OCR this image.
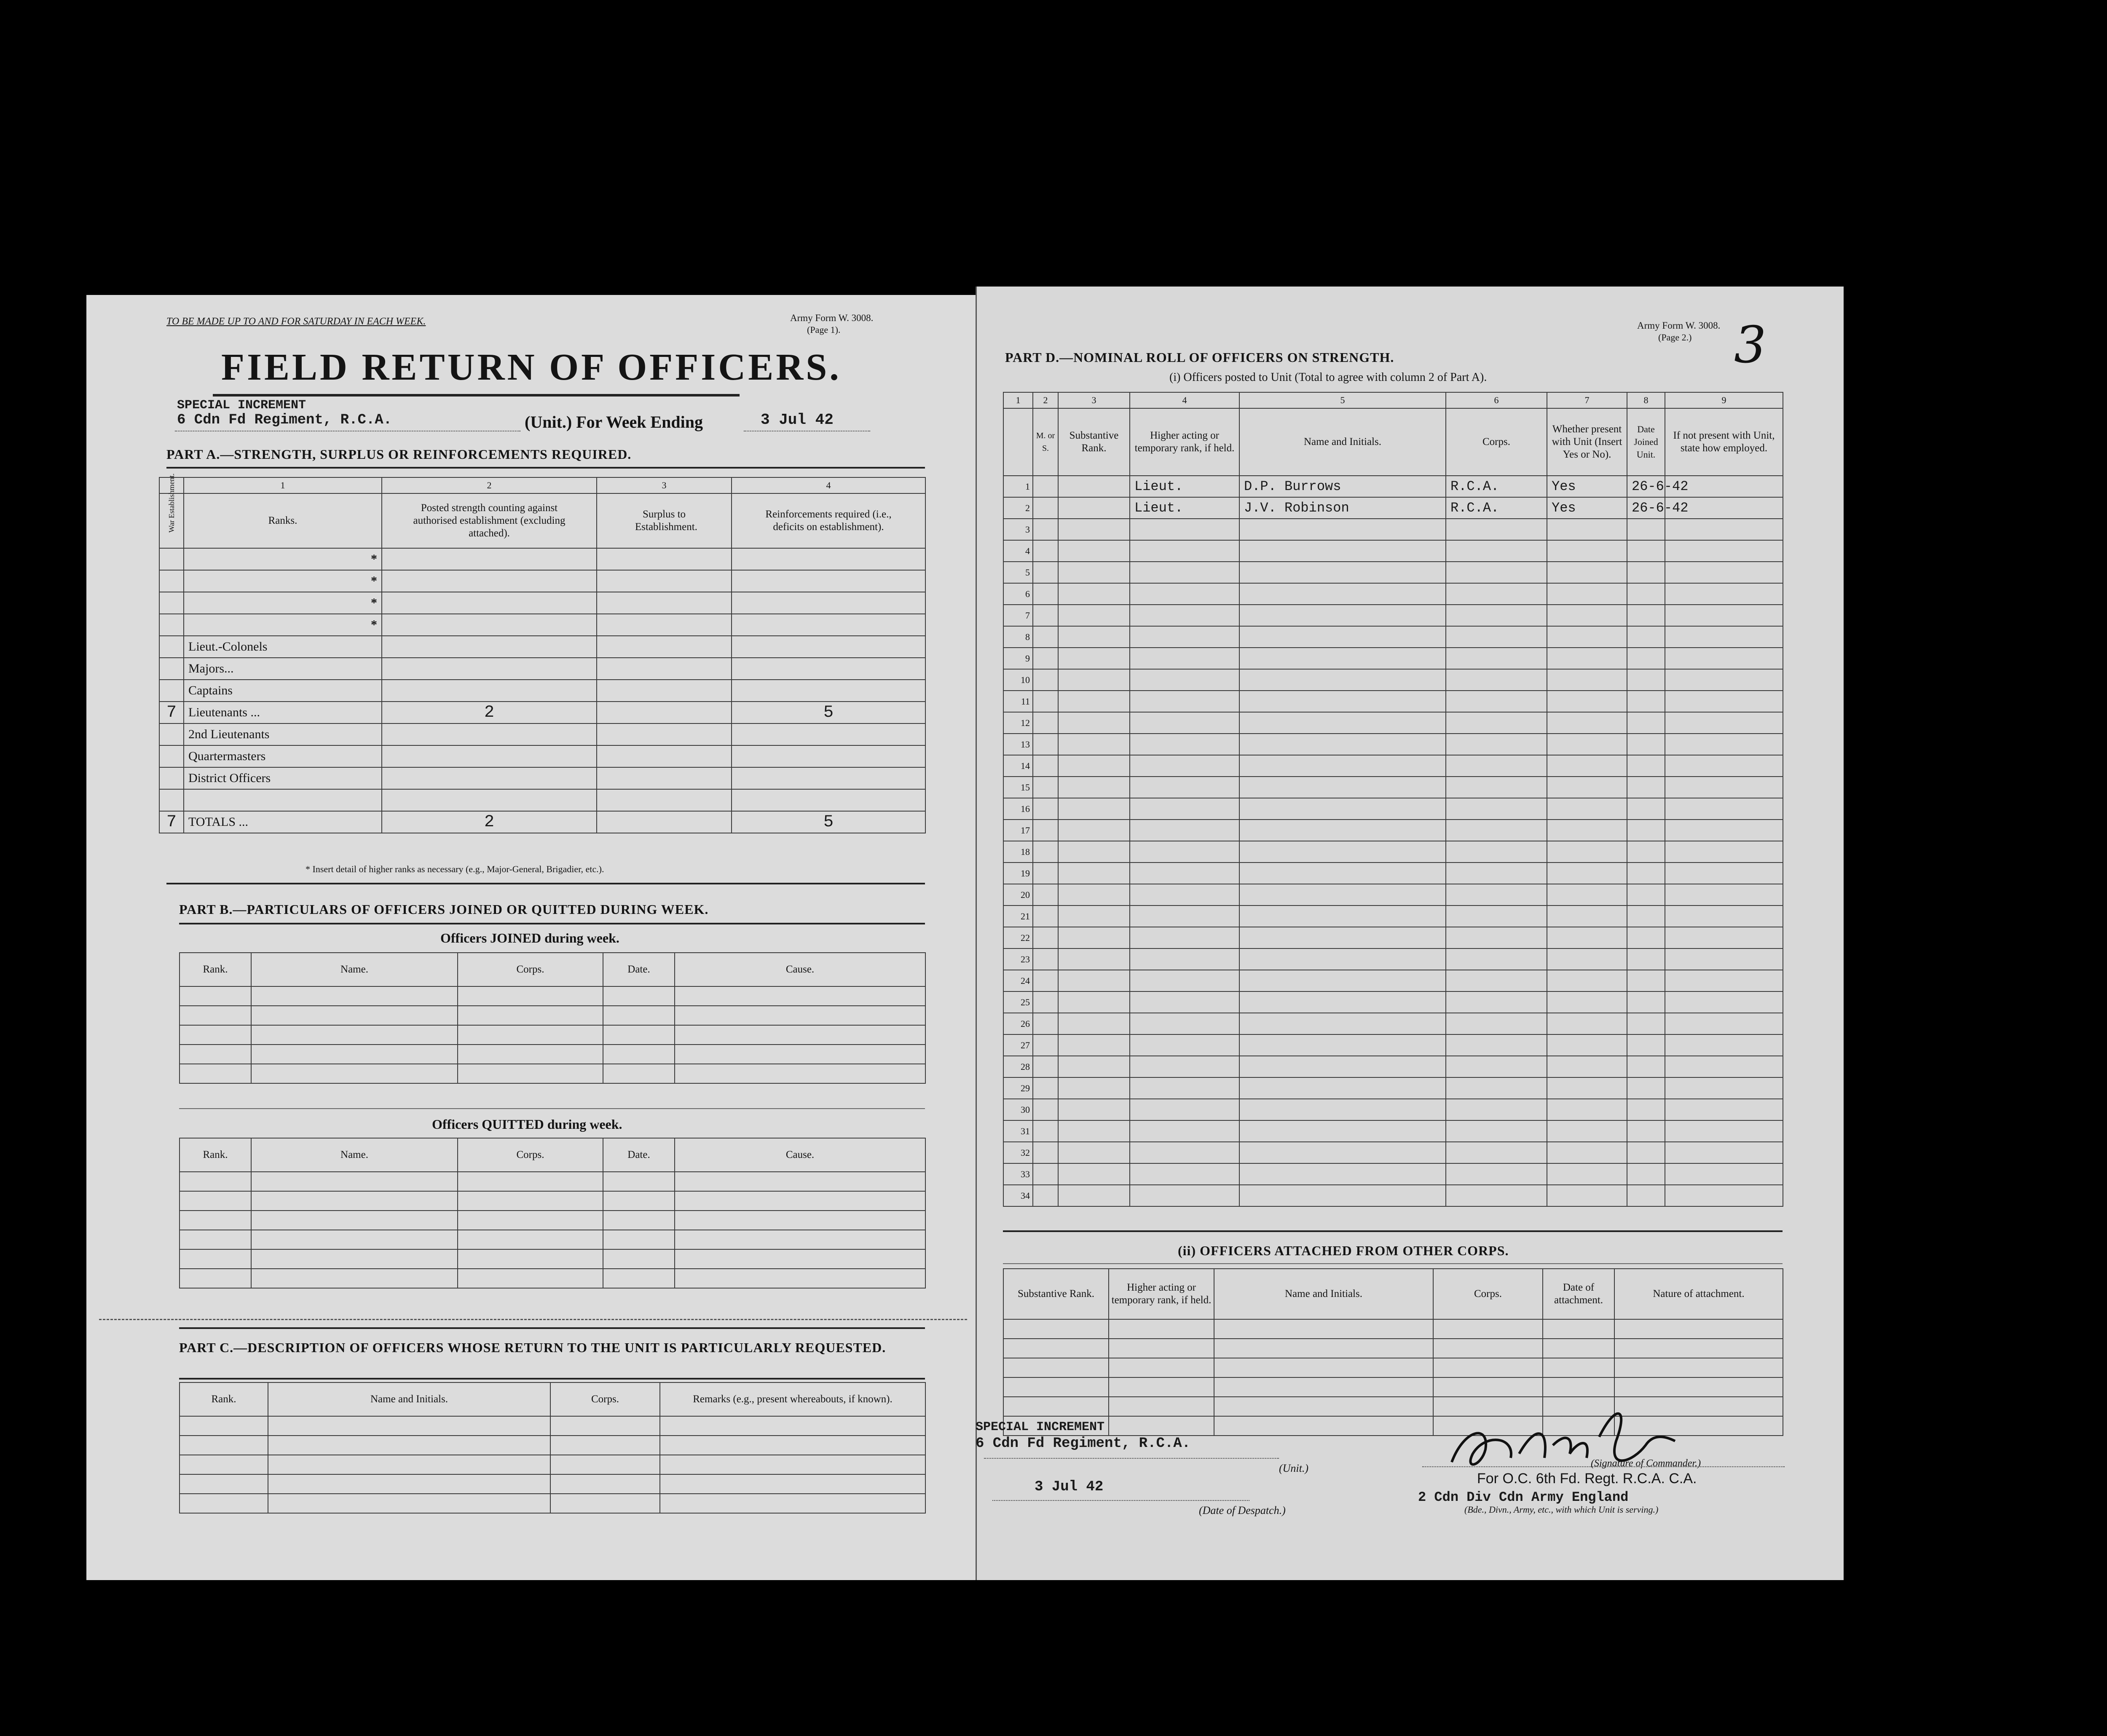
TO BE MADE UP TO AND FOR SATURDAY IN EACH WEEK.	Army Form W. 3008.
(Page 1).
FIELD RETURN OF OFFICERS.
SPECIAL INCREMENT
6 Cdn Fd Regiment, R.C.A.	(Unit.) For Week Ending	3 Jul 42
PART A.—STRENGTH, SURPLUS OR REINFORCEMENTS REQUIRED.
	1	2	3	4

War Establishment.	Ranks.	Posted strength counting against authorised establishment (excluding attached).	Surplus to Establishment.	Reinforcements required (i.e., deficits on establishment).
	*			
	*			
	*			
	*			
	Lieut.-Colonels			
	Majors...			
	Captains			
7	Lieutenants ...	2		5
	2nd Lieutenants			
	Quartermasters			
	District Officers			

7	TOTALS ...	2		5
* Insert detail of higher ranks as necessary (e.g., Major-General, Brigadier, etc.).
PART B.—PARTICULARS OF OFFICERS JOINED OR QUITTED DURING WEEK.
Officers JOINED during week.
Rank.	Name.	Corps.	Date.	Cause.

Officers QUITTED during week.
Rank.	Name.	Corps.	Date.	Cause.

PART C.—DESCRIPTION OF OFFICERS WHOSE RETURN TO THE UNIT IS PARTICULARLY REQUESTED.
Rank.	Name and Initials.	Corps.	Remarks (e.g., present whereabouts, if known).

Army Form W. 3008.
(Page 2.) 3
PART D.—NOMINAL ROLL OF OFFICERS ON STRENGTH.
(i) Officers posted to Unit (Total to agree with column 2 of Part A).
1	2	3	4	5	6	7	8	9
	M. or S.	Substantive Rank.	Higher acting or temporary rank, if held.	Name and Initials.	Corps.	Whether present with Unit (Insert Yes or No).	Date Joined Unit.	If not present with Unit, state how employed.
1			Lieut.	D.P. Burrows	R.C.A.	Yes	26-6-42	
2			Lieut.	J.V. Robinson	R.C.A.	Yes	26-6-42	
3								
4								
5								
6								
7								
8								
9								
10								
11								
12								
13								
14								
15								
16								
17								
18								
19								
20								
21								
22								
23								
24								
25								
26								
27								
28								
29								
30								
31								
32								
33								
34								
(ii) OFFICERS ATTACHED FROM OTHER CORPS.
Substantive Rank.	Higher acting or temporary rank, if held.	Name and Initials.	Corps.	Date of attachment.	Nature of attachment.

SPECIAL INCREMENT
6 Cdn Fd Regiment, R.C.A.
(Unit.)
3 Jul 42
(Date of Despatch.)
(Signature of Commander.)
For O.C. 6th Fd. Regt. R.C.A. C.A.
2 Cdn Div Cdn Army England
(Bde., Divn., Army, etc., with which Unit is serving.)
